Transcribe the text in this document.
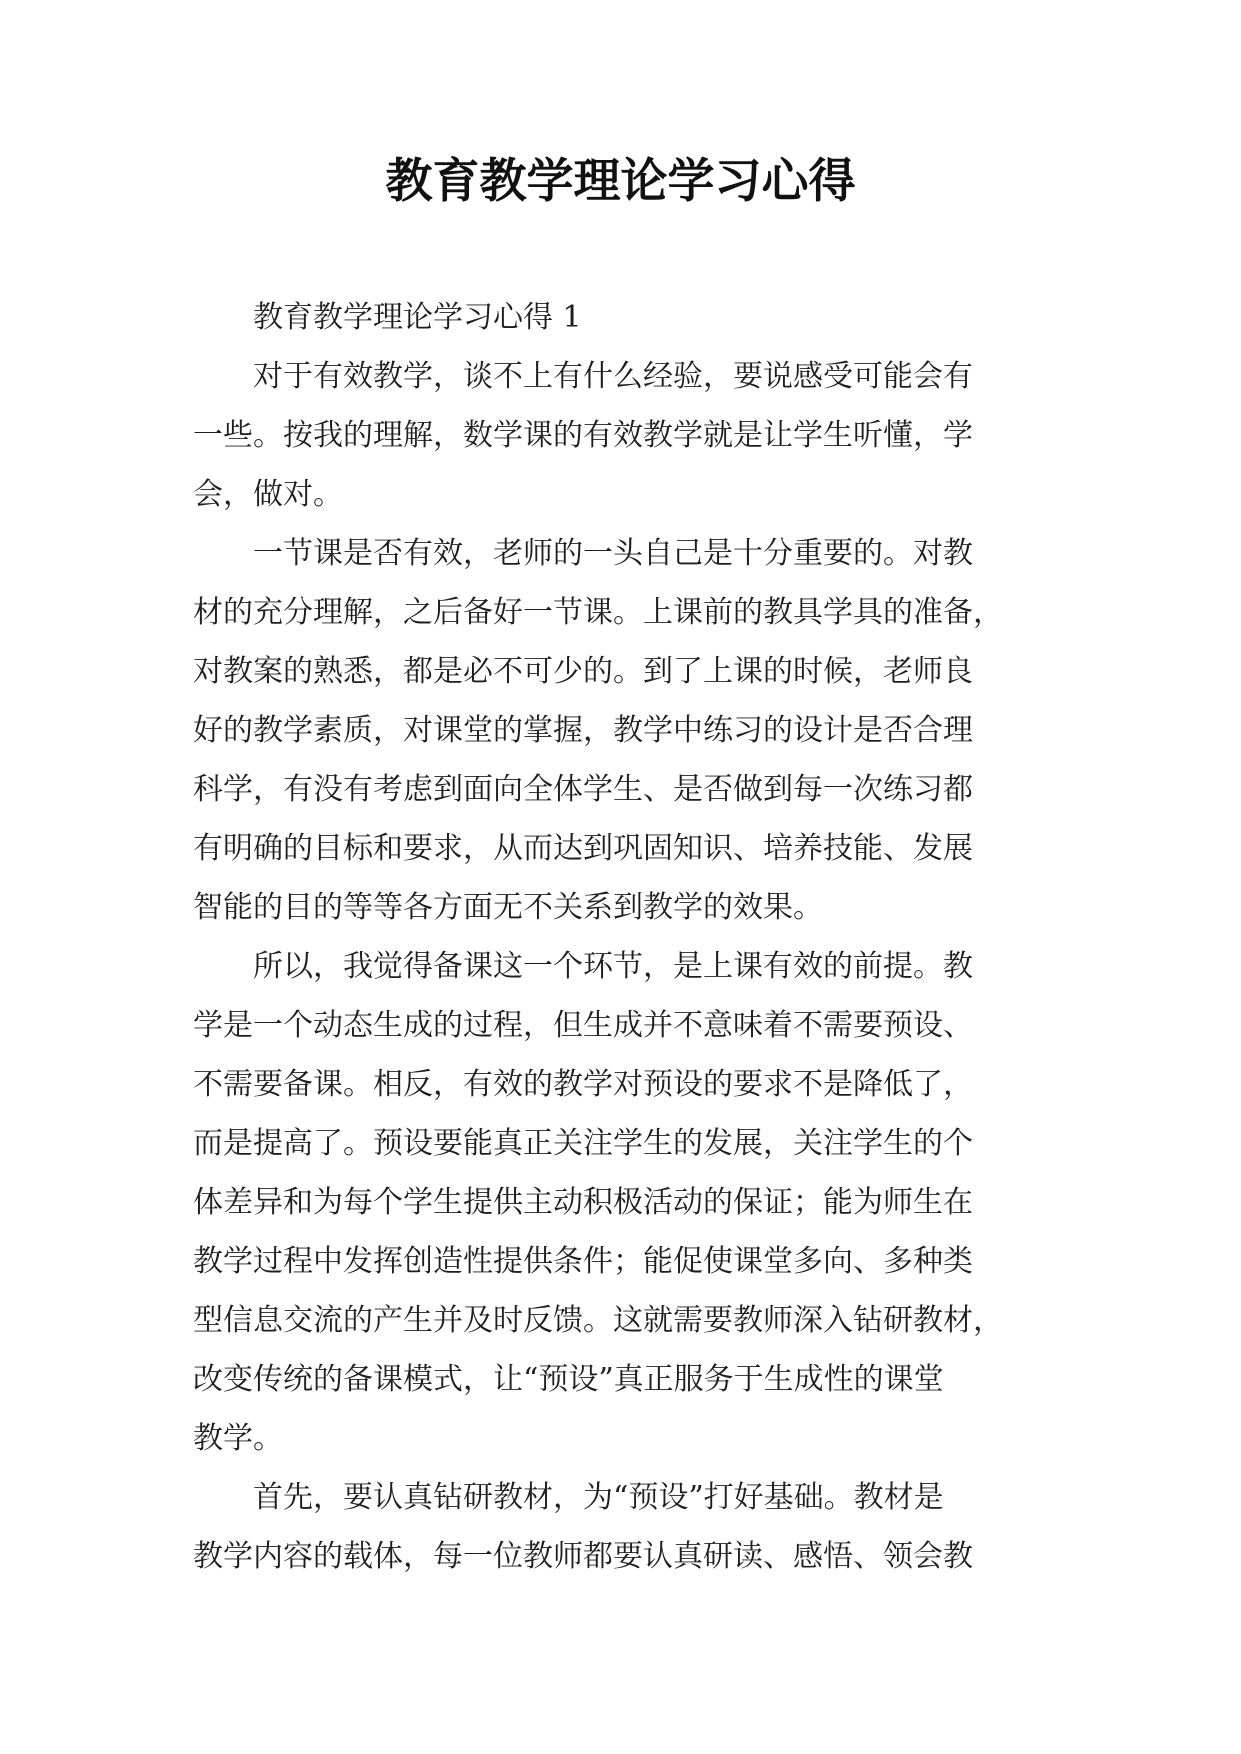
教育教学理论学习心得
　　教育教学理论学习心得 1
　　对于有效教学，谈不上有什么经验，要说感受可能会有
一些。按我的理解，数学课的有效教学就是让学生听懂，学
会，做对。
　　一节课是否有效，老师的一头自己是十分重要的。对教
材的充分理解，之后备好一节课。上课前的教具学具的准备，
对教案的熟悉，都是必不可少的。到了上课的时候，老师良
好的教学素质，对课堂的掌握，教学中练习的设计是否合理
科学，有没有考虑到面向全体学生、是否做到每一次练习都
有明确的目标和要求，从而达到巩固知识、培养技能、发展
智能的目的等等各方面无不关系到教学的效果。
　　所以，我觉得备课这一个环节，是上课有效的前提。教
学是一个动态生成的过程，但生成并不意味着不需要预设、
不需要备课。相反，有效的教学对预设的要求不是降低了，
而是提高了。预设要能真正关注学生的发展，关注学生的个
体差异和为每个学生提供主动积极活动的保证；能为师生在
教学过程中发挥创造性提供条件；能促使课堂多向、多种类
型信息交流的产生并及时反馈。这就需要教师深入钻研教材，
改变传统的备课模式，让“预设”真正服务于生成性的课堂
教学。
　　首先，要认真钻研教材，为“预设”打好基础。教材是
教学内容的载体，每一位教师都要认真研读、感悟、领会教
